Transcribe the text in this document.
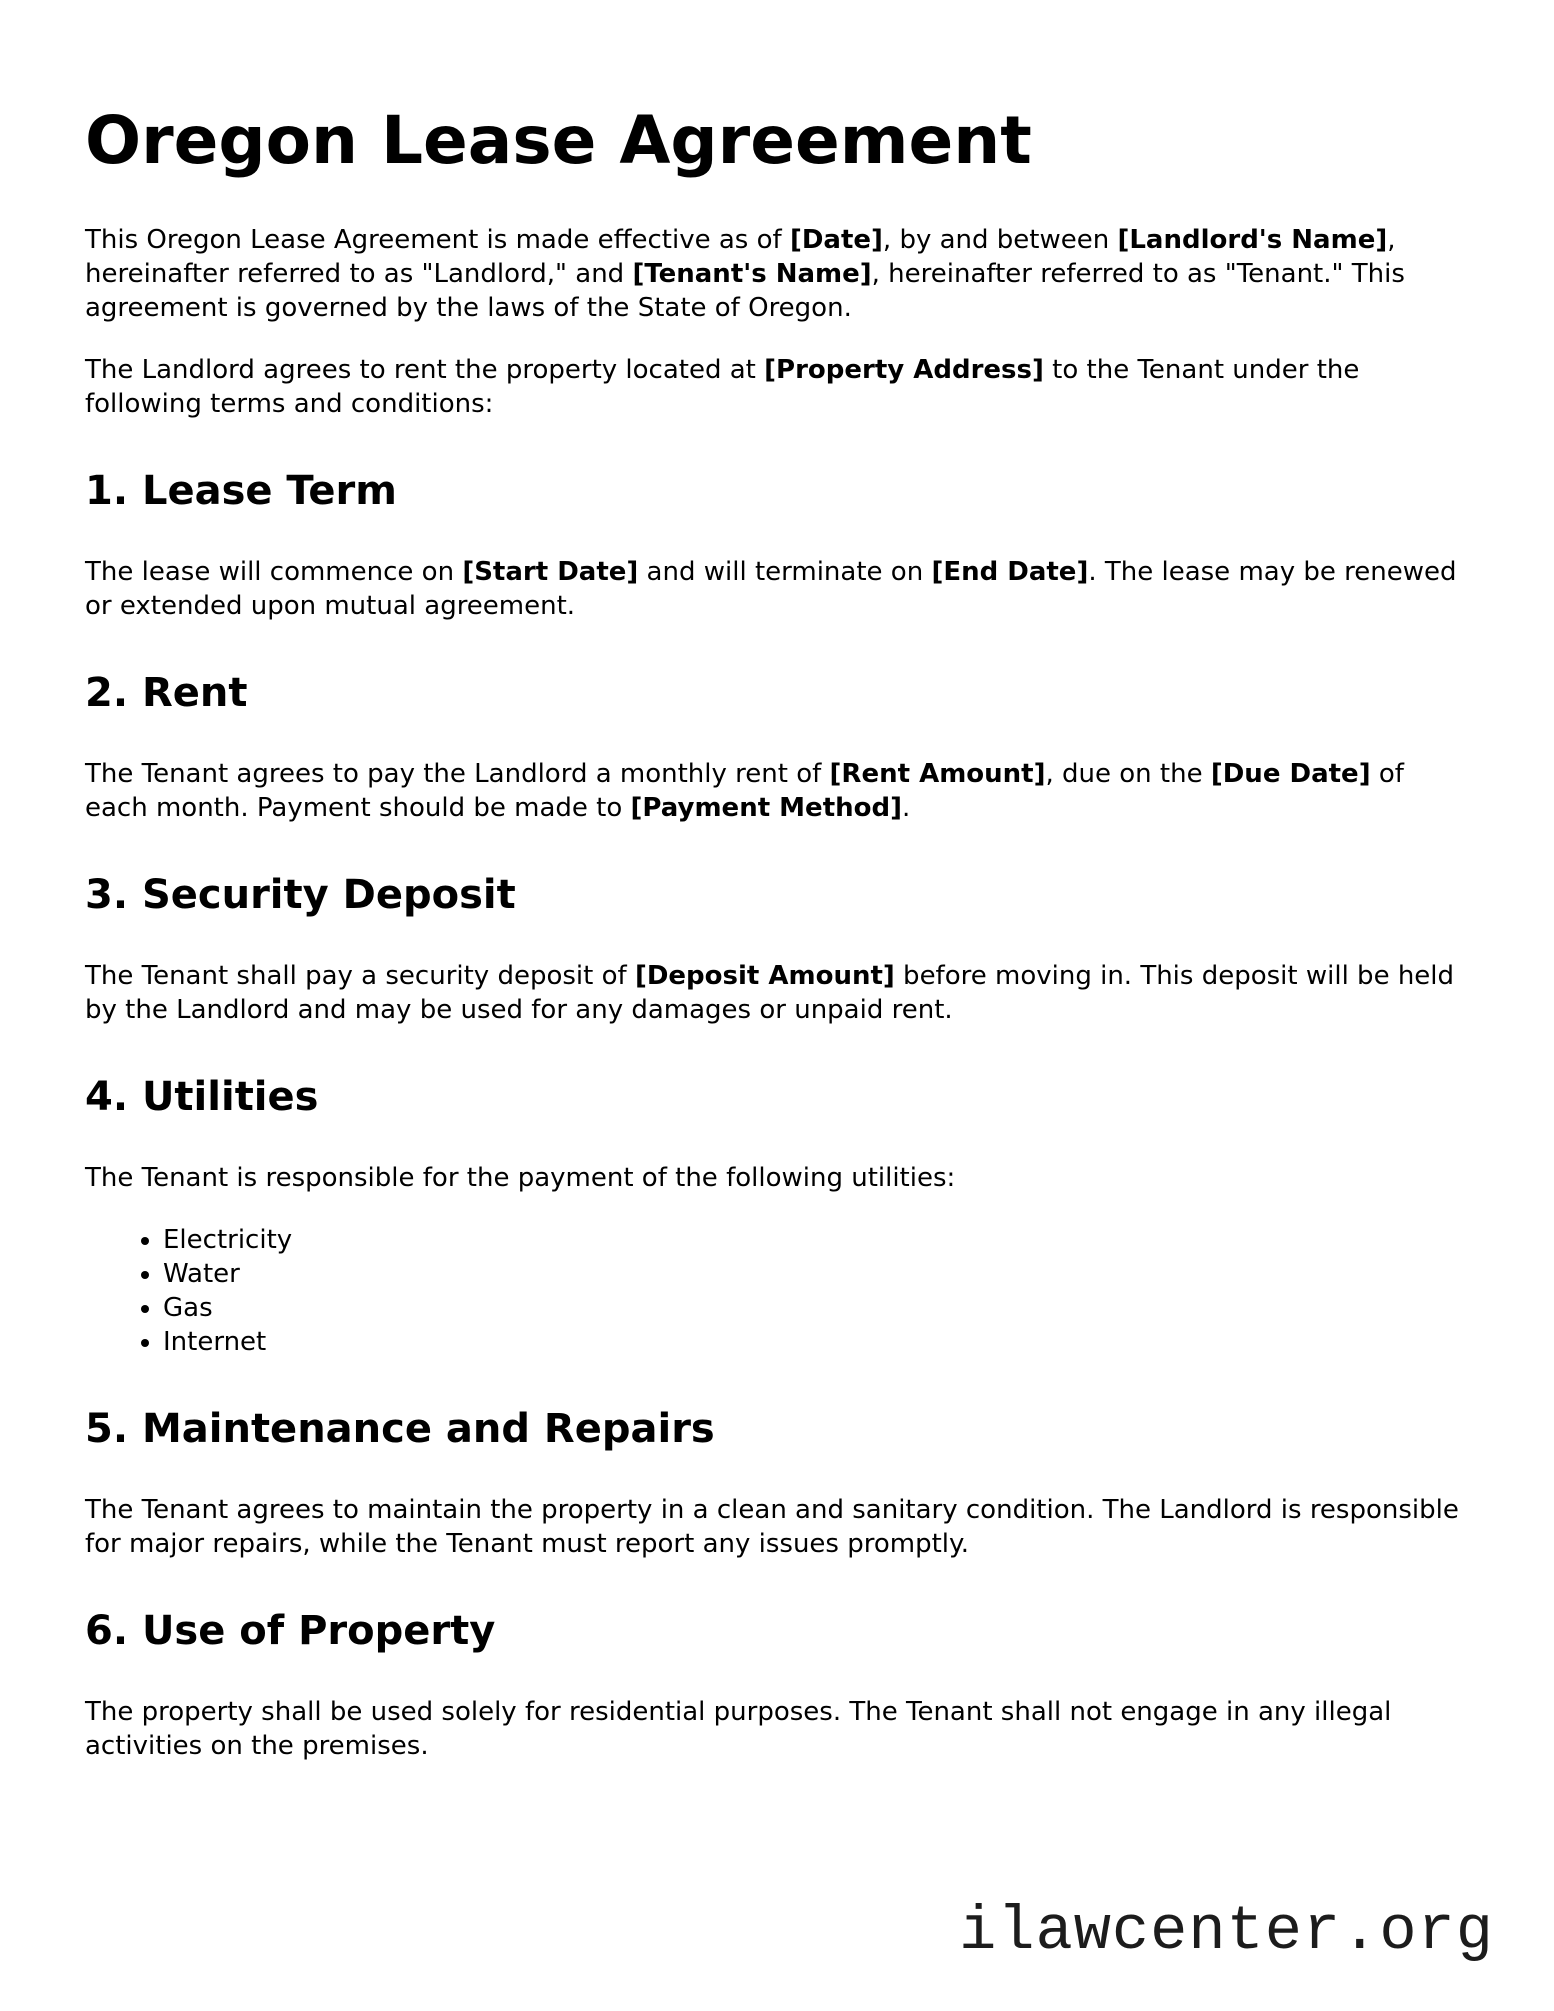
Oregon Lease Agreement

This Oregon Lease Agreement is made effective as of [Date], by and between [Landlord's Name], hereinafter referred to as "Landlord," and [Tenant's Name], hereinafter referred to as "Tenant." This agreement is governed by the laws of the State of Oregon.

The Landlord agrees to rent the property located at [Property Address] to the Tenant under the following terms and conditions:

1. Lease Term

The lease will commence on [Start Date] and will terminate on [End Date]. The lease may be renewed or extended upon mutual agreement.

2. Rent

The Tenant agrees to pay the Landlord a monthly rent of [Rent Amount], due on the [Due Date] of each month. Payment should be made to [Payment Method].

3. Security Deposit

The Tenant shall pay a security deposit of [Deposit Amount] before moving in. This deposit will be held by the Landlord and may be used for any damages or unpaid rent.

4. Utilities

The Tenant is responsible for the payment of the following utilities:

• Electricity
• Water
• Gas
• Internet
5. Maintenance and Repairs

The Tenant agrees to maintain the property in a clean and sanitary condition. The Landlord is responsible for major repairs, while the Tenant must report any issues promptly.

6. Use of Property

The property shall be used solely for residential purposes. The Tenant shall not engage in any illegal activities on the premises.

ilawcenter.org
